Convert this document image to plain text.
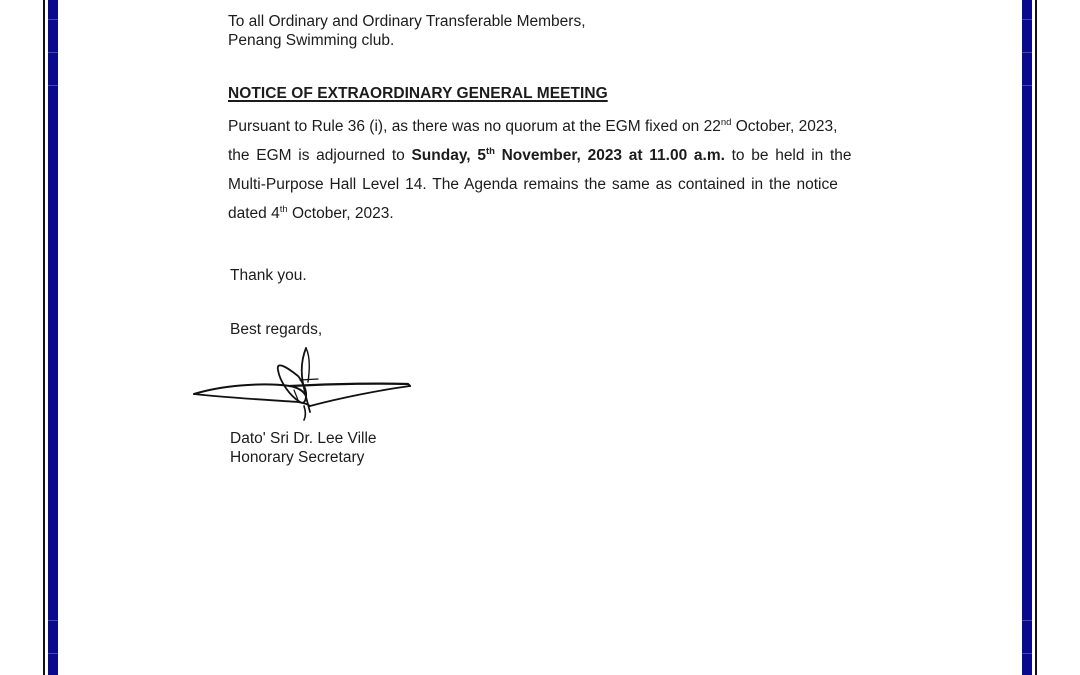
To all Ordinary and Ordinary Transferable Members,
Penang Swimming club.
NOTICE OF EXTRAORDINARY GENERAL MEETING
Pursuant to Rule 36 (i), as there was no quorum at the EGM fixed on 22nd October, 2023,
the EGM is adjourned to Sunday, 5th November, 2023 at 11.00 a.m. to be held in the
Multi-Purpose Hall Level 14. The Agenda remains the same as contained in the notice
dated 4th October, 2023.
Thank you.
Best regards,
Dato' Sri Dr. Lee Ville
Honorary Secretary
